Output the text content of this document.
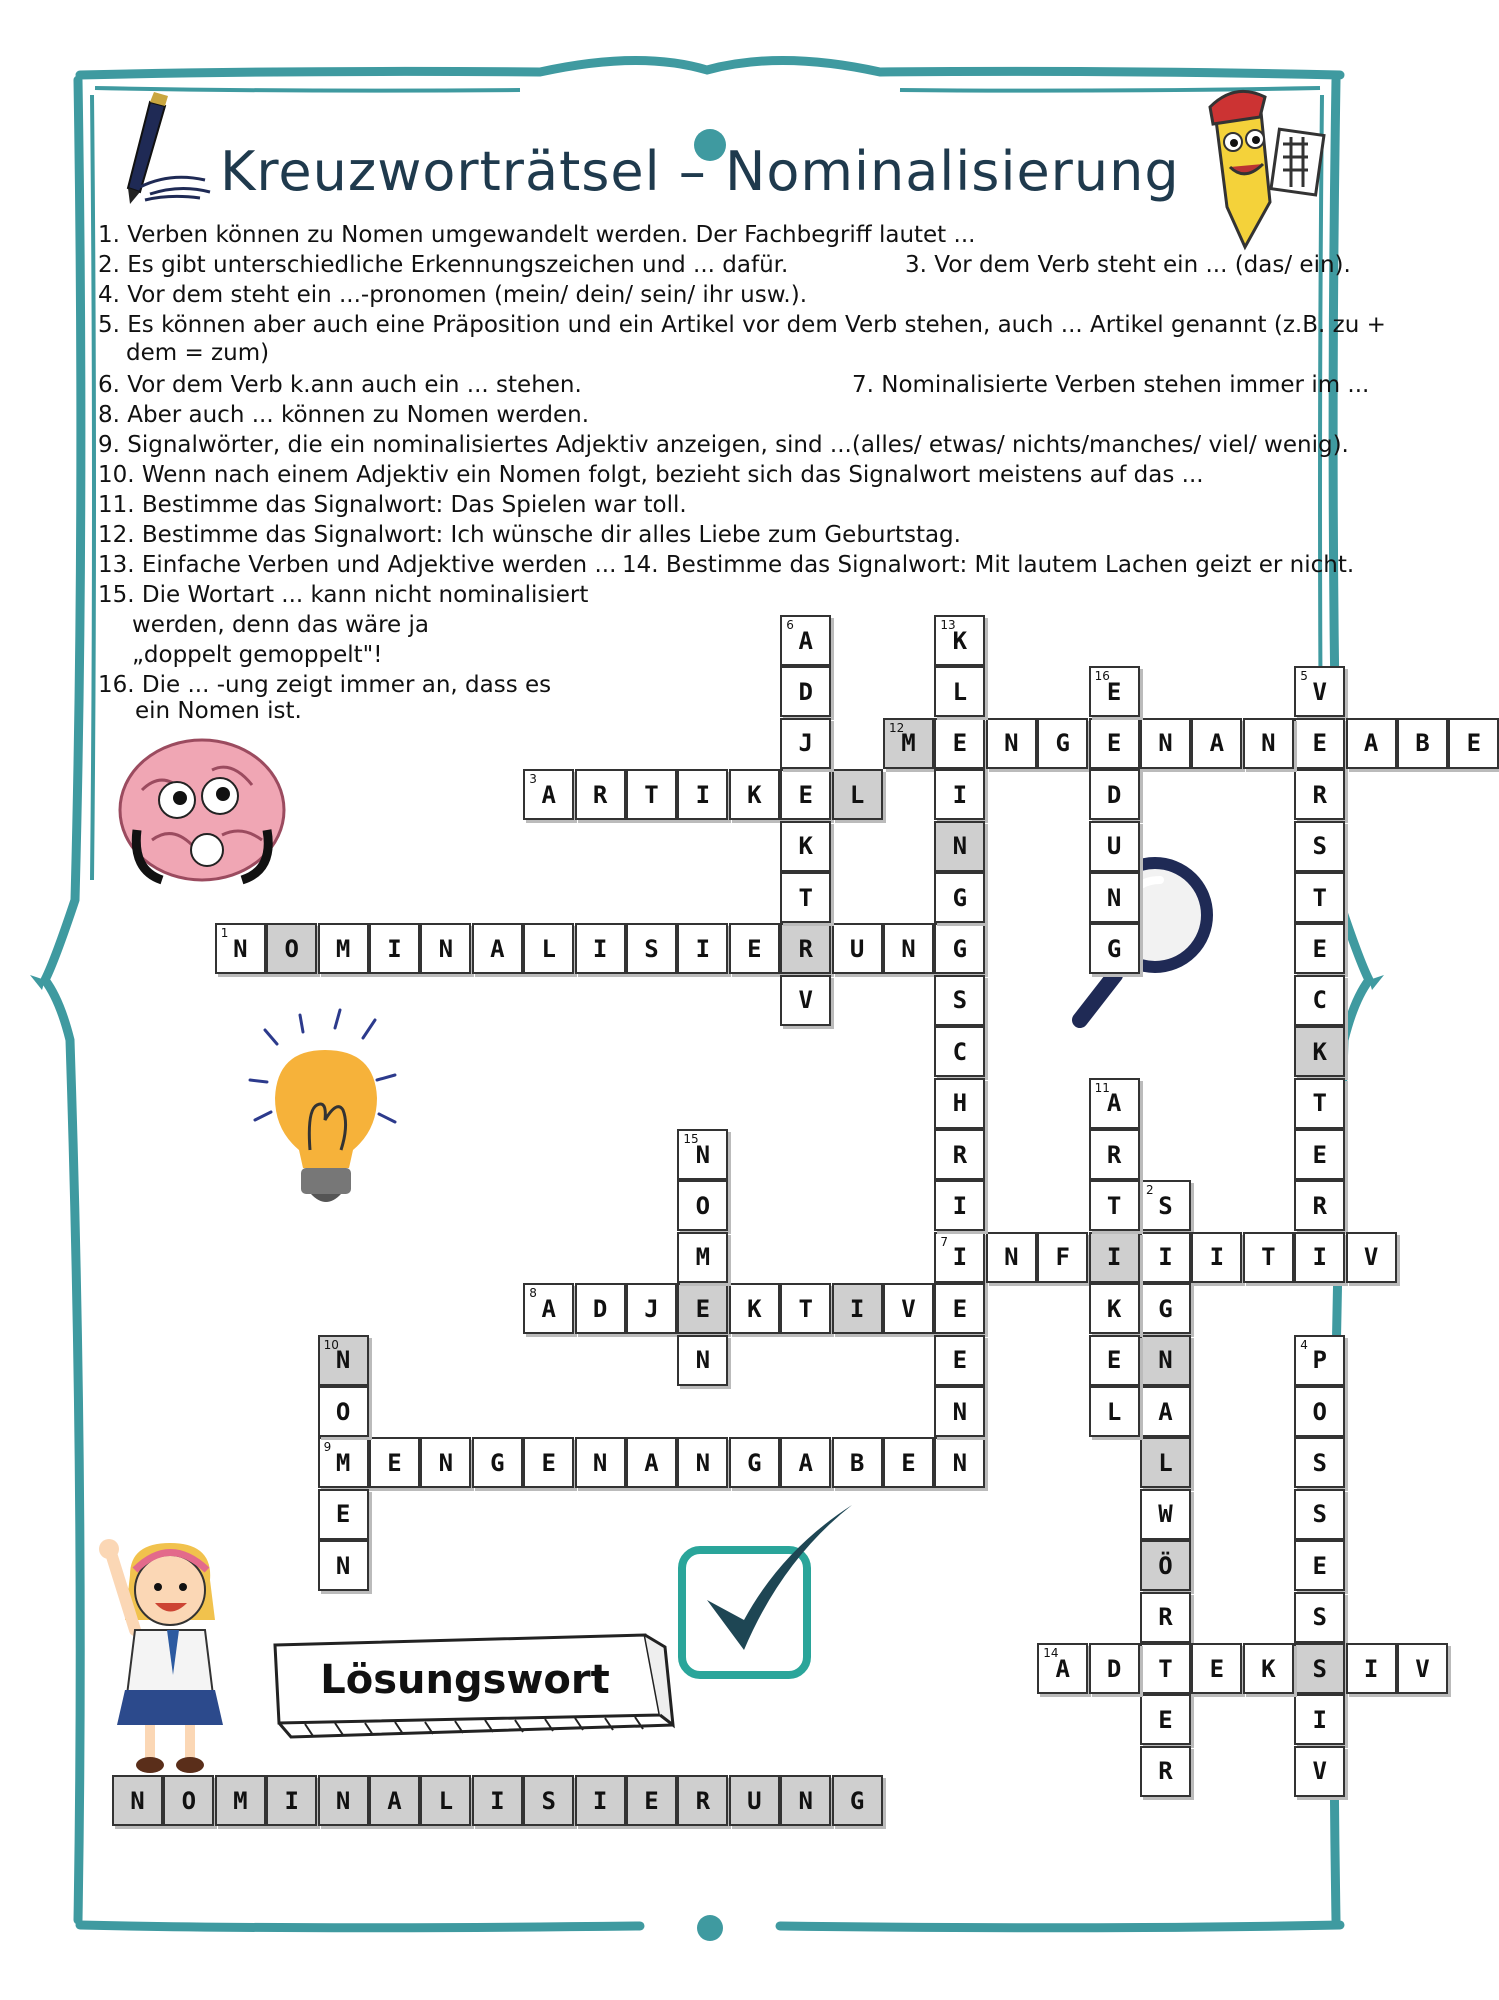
Kreuzworträtsel – Nominalisierung
1. Verben können zu Nomen umgewandelt werden. Der Fachbegriff lautet ...
2. Es gibt unterschiedliche Erkennungszeichen und ... dafür.	3. Vor dem Verb steht ein ... (das/ ein).
4. Vor dem steht ein ...-pronomen (mein/ dein/ sein/ ihr usw.).
5. Es können aber auch eine Präposition und ein Artikel vor dem Verb stehen, auch ... Artikel genannt (z.B. zu +
dem = zum)
6. Vor dem Verb k.ann auch ein ... stehen.	7. Nominalisierte Verben stehen immer im ...
8. Aber auch ... können zu Nomen werden.
9. Signalwörter, die ein nominalisiertes Adjektiv anzeigen, sind ...(alles/ etwas/ nichts/manches/ viel/ wenig).
10. Wenn nach einem Adjektiv ein Nomen folgt, bezieht sich das Signalwort meistens auf das ...
11. Bestimme das Signalwort: Das Spielen war toll.
12. Bestimme das Signalwort: Ich wünsche dir alles Liebe zum Geburtstag.
13. Einfache Verben und Adjektive werden ... 14. Bestimme das Signalwort: Mit lautem Lachen geizt er nicht.
15. Die Wortart ... kann nicht nominalisiert
werden, denn das wäre ja
„doppelt gemoppelt"!
16. Die ... -ung zeigt immer an, dass es
ein Nomen ist.
Lösungswort
N
1
O	M	I	N	A	L	I	S	I	E	R	U	N	G
S
2
I
G
N
A
L
W
Ö
R
T
E
R
A
3
R	T	I	K	E	L
P
4
O
S
S
E
S
S
I
V
V
5
E
R
S
T
E
C
K
T
E
R
A
6
D
J
K
T
V
I
7
N	F	I	I	T	I	V
A
8
D	J	E	K	T	I	V	E
M
9
E	N	G	E	N	A	N	G	A	B	E	N
N
10
O
E
N
A
11
R
T
K
E
L
M
12
E	N	G	E	N	A	N	A	B	E
K
13
L
I
N
G
S
C
H
R
I
E
N
A
14
D	E	K	I	V
N
15
O
M
N
E
16
D
U
N
G
N	O	M	I	N	A	L	I	S	I	E	R	U	N	G
